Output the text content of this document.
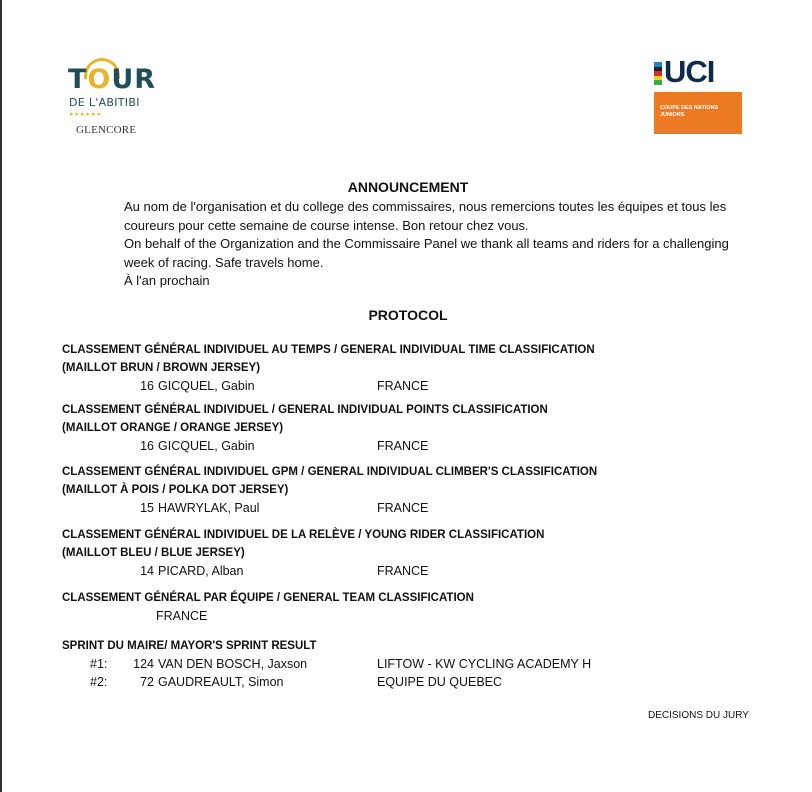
TOUR
DE L'ABITIBI
▸▸▸▸▸▸
GLENCORE
UCI
COUPE DES NATIONS
JUNIORS
ANNOUNCEMENT
Au nom de l'organisation et du college des commissaires, nous remercions toutes les équipes et tous les
coureurs pour cette semaine de course intense. Bon retour chez vous.
On behalf of the Organization and the Commissaire Panel we thank all teams and riders for a challenging
week of racing. Safe travels home.
À l'an prochain
PROTOCOL
CLASSEMENT GÉNÉRAL INDIVIDUEL AU TEMPS / GENERAL INDIVIDUAL TIME CLASSIFICATION
(MAILLOT BRUN / BROWN JERSEY)
16 GICQUEL, Gabin	FRANCE
CLASSEMENT GÉNÉRAL INDIVIDUEL / GENERAL INDIVIDUAL POINTS CLASSIFICATION
(MAILLOT ORANGE / ORANGE JERSEY)
16 GICQUEL, Gabin	FRANCE
CLASSEMENT GÉNÉRAL INDIVIDUEL GPM / GENERAL INDIVIDUAL CLIMBER'S CLASSIFICATION
(MAILLOT À POIS / POLKA DOT JERSEY)
15 HAWRYLAK, Paul	FRANCE
CLASSEMENT GÉNÉRAL INDIVIDUEL DE LA RELÈVE / YOUNG RIDER CLASSIFICATION
(MAILLOT BLEU / BLUE JERSEY)
14 PICARD, Alban	FRANCE
CLASSEMENT GÉNÉRAL PAR ÉQUIPE / GENERAL TEAM CLASSIFICATION
FRANCE
SPRINT DU MAIRE/ MAYOR'S SPRINT RESULT
#1: 124 VAN DEN BOSCH, Jaxson	LIFTOW - KW CYCLING ACADEMY H
#2:	72 GAUDREAULT, Simon	EQUIPE DU QUEBEC
DECISIONS DU JURY
